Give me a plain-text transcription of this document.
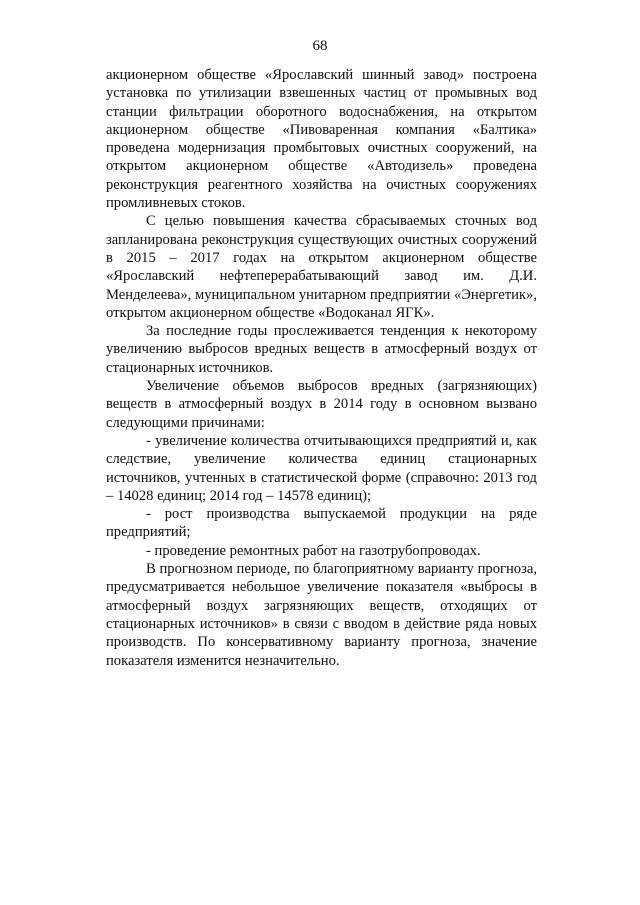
68

акционерном обществе «Ярославский шинный завод» построена установка по утилизации взвешенных частиц от промывных вод станции фильтрации оборотного водоснабжения, на открытом акционерном обществе «Пивоваренная компания «Балтика» проведена модернизация промбытовых очистных сооружений, на открытом акционерном обществе «Автодизель» проведена реконструкция реагентного хозяйства на очистных сооружениях промливневых стоков.

С целью повышения качества сбрасываемых сточных вод запланирована реконструкция существующих очистных сооружений в 2015 – 2017 годах на открытом акционерном обществе «Ярославский нефтеперерабатывающий завод им. Д.И. Менделеева», муниципальном унитарном предприятии «Энергетик», открытом акционерном обществе «Водоканал ЯГК».

За последние годы прослеживается тенденция к некоторому увеличению выбросов вредных веществ в атмосферный воздух от стационарных источников.

Увеличение объемов выбросов вредных (загрязняющих) веществ в атмосферный воздух в 2014 году в основном вызвано следующими причинами:

- увеличение количества отчитывающихся предприятий и, как следствие, увеличение количества единиц стационарных источников, учтенных в статистической форме (справочно: 2013 год – 14028 единиц; 2014 год – 14578 единиц);

- рост производства выпускаемой продукции на ряде предприятий;

- проведение ремонтных работ на газотрубопроводах.

В прогнозном периоде, по благоприятному варианту прогноза, предусматривается небольшое увеличение показателя «выбросы в атмосферный воздух загрязняющих веществ, отходящих от стационарных источников» в связи с вводом в действие ряда новых производств. По консервативному варианту прогноза, значение показателя изменится незначительно.
